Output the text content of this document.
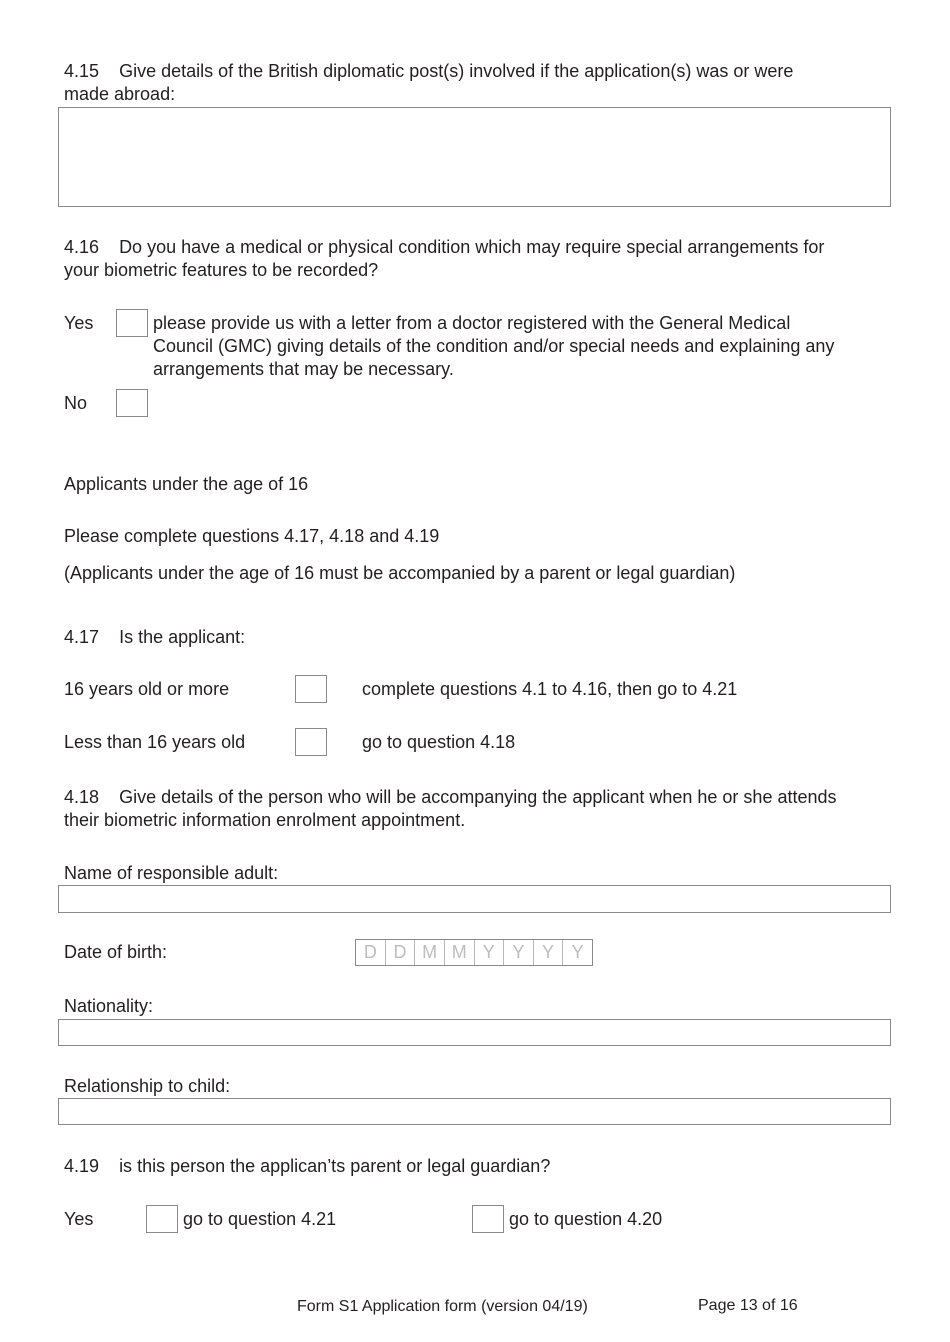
4.15 Give details of the British diplomatic post(s) involved if the application(s) was or were
made abroad:
4.16 Do you have a medical or physical condition which may require special arrangements for
your biometric features to be recorded?
Yes	please provide us with a letter from a doctor registered with the General Medical
Council (GMC) giving details of the condition and/or special needs and explaining any
arrangements that may be necessary.
No
Applicants under the age of 16
Please complete questions 4.17, 4.18 and 4.19
(Applicants under the age of 16 must be accompanied by a parent or legal guardian)
4.17 Is the applicant:
16 years old or more	complete questions 4.1 to 4.16, then go to 4.21
Less than 16 years old	go to question 4.18
4.18 Give details of the person who will be accompanying the applicant when he or she attends
their biometric information enrolment appointment.
Name of responsible adult:
Date of birth:	D D M M Y Y Y Y
Nationality:
Relationship to child:
4.19 is this person the applican’ts parent or legal guardian?
Yes	go to question 4.21	go to question 4.20
Form S1 Application form (version 04/19)	Page 13 of 16
